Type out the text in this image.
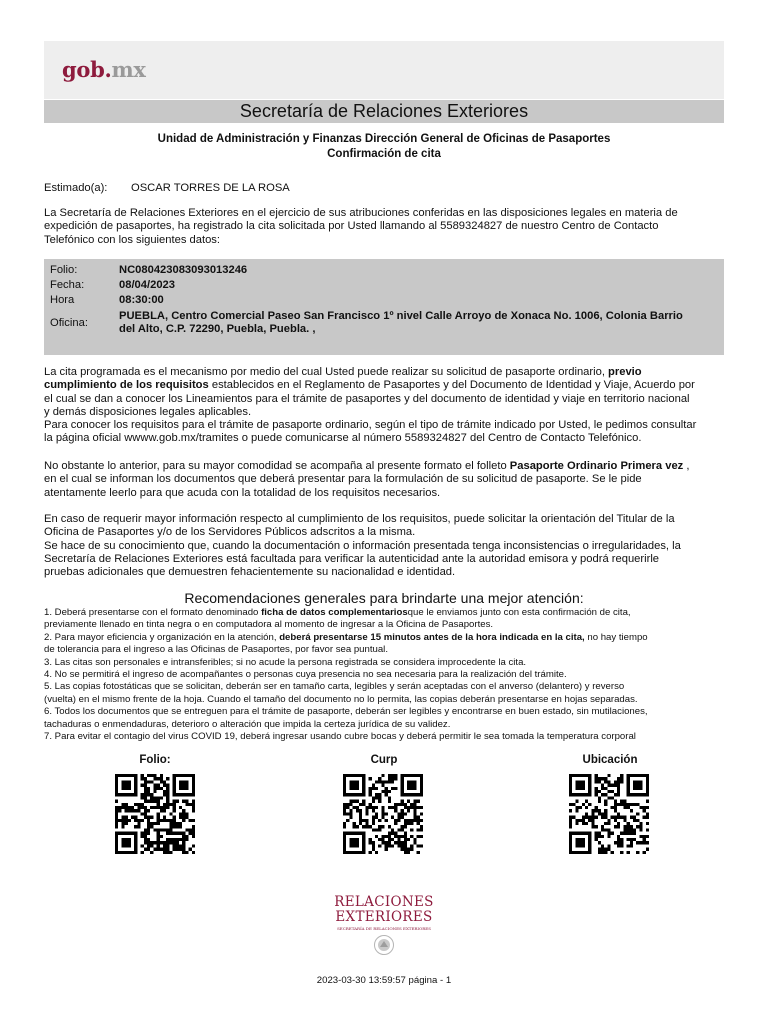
gob.mx
Secretaría de Relaciones Exteriores
Unidad de Administración y Finanzas Dirección General de Oficinas de Pasaportes
Confirmación de cita
Estimado(a): OSCAR TORRES DE LA ROSA
La Secretaría de Relaciones Exteriores en el ejercicio de sus atribuciones conferidas en las disposiciones legales en materia de
expedición de pasaportes, ha registrado la cita solicitada por Usted llamando al 5589324827 de nuestro Centro de Contacto
Telefónico con los siguientes datos:
Folio:	NC080423083093013246
Fecha:	08/04/2023
Hora	08:30:00
Oficina:
PUEBLA, Centro Comercial Paseo San Francisco 1º nivel Calle Arroyo de Xonaca No. 1006, Colonia Barrio
del Alto, C.P. 72290, Puebla, Puebla. ,
La cita programada es el mecanismo por medio del cual Usted puede realizar su solicitud de pasaporte ordinario, previo
cumplimiento de los requisitos establecidos en el Reglamento de Pasaportes y del Documento de Identidad y Viaje, Acuerdo por
el cual se dan a conocer los Lineamientos para el trámite de pasaportes y del documento de identidad y viaje en territorio nacional
y demás disposiciones legales aplicables.
Para conocer los requisitos para el trámite de pasaporte ordinario, según el tipo de trámite indicado por Usted, le pedimos consultar
la página oficial wwww.gob.mx/tramites o puede comunicarse al número 5589324827 del Centro de Contacto Telefónico.
No obstante lo anterior, para su mayor comodidad se acompaña al presente formato el folleto Pasaporte Ordinario Primera vez ,
en el cual se informan los documentos que deberá presentar para la formulación de su solicitud de pasaporte. Se le pide
atentamente leerlo para que acuda con la totalidad de los requisitos necesarios.
En caso de requerir mayor información respecto al cumplimiento de los requisitos, puede solicitar la orientación del Titular de la
Oficina de Pasaportes y/o de los Servidores Públicos adscritos a la misma.
Se hace de su conocimiento que, cuando la documentación o información presentada tenga inconsistencias o irregularidades, la
Secretaría de Relaciones Exteriores está facultada para verificar la autenticidad ante la autoridad emisora y podrá requerirle
pruebas adicionales que demuestren fehacientemente su nacionalidad e identidad.
Recomendaciones generales para brindarte una mejor atención:
1. Deberá presentarse con el formato denominado ficha de datos complementariosque le enviamos junto con esta confirmación de cita,
previamente llenado en tinta negra o en computadora al momento de ingresar a la Oficina de Pasaportes.
2. Para mayor eficiencia y organización en la atención, deberá presentarse 15 minutos antes de la hora indicada en la cita, no hay tiempo
de tolerancia para el ingreso a las Oficinas de Pasaportes, por favor sea puntual.
3. Las citas son personales e intransferibles; si no acude la persona registrada se considera improcedente la cita.
4. No se permitirá el ingreso de acompañantes o personas cuya presencia no sea necesaria para la realización del trámite.
5. Las copias fotostáticas que se solicitan, deberán ser en tamaño carta, legibles y serán aceptadas con el anverso (delantero) y reverso
(vuelta) en el mismo frente de la hoja. Cuando el tamaño del documento no lo permita, las copias deberán presentarse en hojas separadas.
6. Todos los documentos que se entreguen para el trámite de pasaporte, deberán ser legibles y encontrarse en buen estado, sin mutilaciones,
tachaduras o enmendaduras, deterioro o alteración que impida la certeza jurídica de su validez.
7. Para evitar el contagio del virus COVID 19, deberá ingresar usando cubre bocas y deberá permitir le sea tomada la temperatura corporal
Folio:	Curp	Ubicación
RELACIONES
EXTERIORES
SECRETARÍA DE RELACIONES EXTERIORES
2023-03-30 13:59:57 página - 1
